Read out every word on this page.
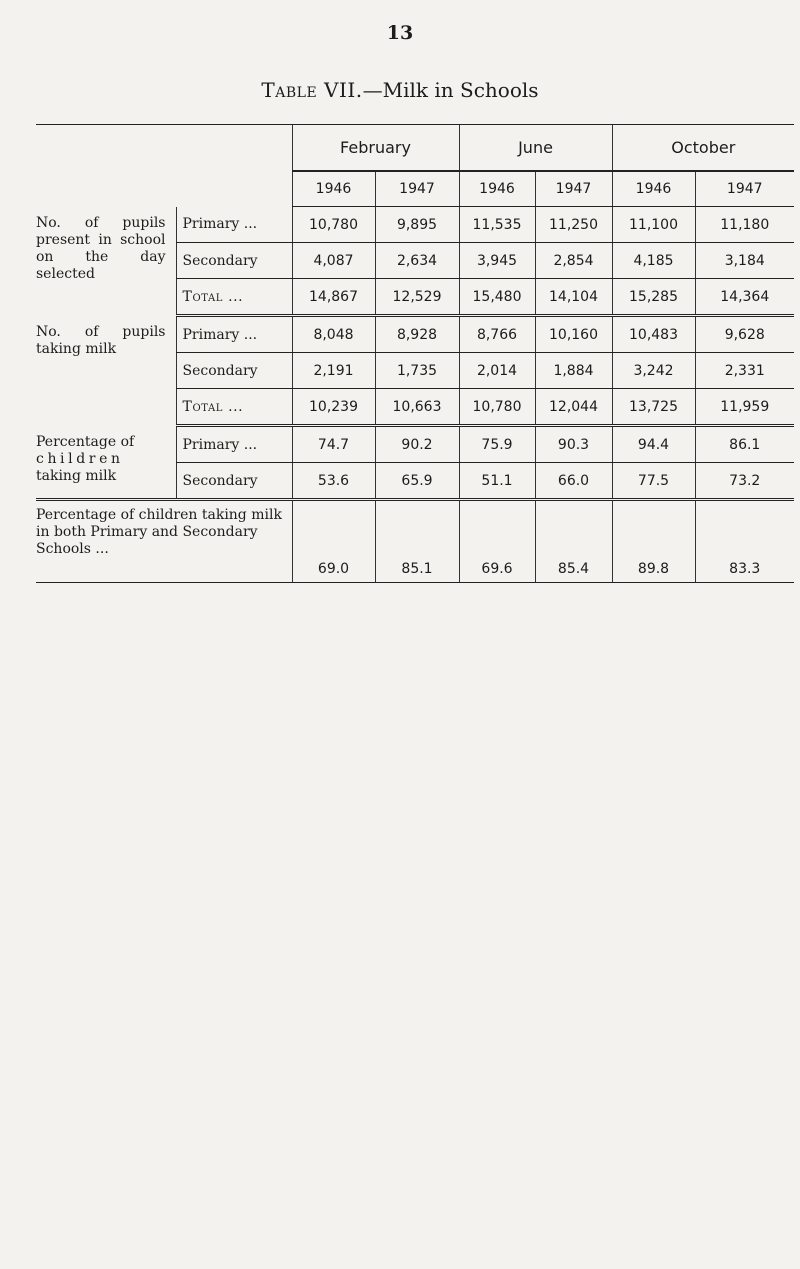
13
Table VII.—Milk in Schools
		February		June		October	
		1946	1947	1946	1947	1946	1947

No. of pupils present in school on the day selected	Primary ...	10,780	9,895	11,535	11,250	11,100	11,180
	Secondary	4,087	2,634	3,945	2,854	4,185	3,184
	Total ...	14,867	12,529	15,480	14,104	15,285	14,364

No. of pupils taking milk	Primary ...	8,048	8,928	8,766	10,160	10,483	9,628
	Secondary	2,191	1,735	2,014	1,884	3,242	2,331
	Total ...	10,239	10,663	10,780	12,044	13,725	11,959

Percentage of
children
taking milk	Primary ...	74.7	90.2	75.9	90.3	94.4	86.1
	Secondary	53.6	65.9	51.1	66.0	77.5	73.2
Percentage of children taking milk in both Primary and Secondary Schools ...		69.0	85.1	69.6	85.4	89.8	83.3
